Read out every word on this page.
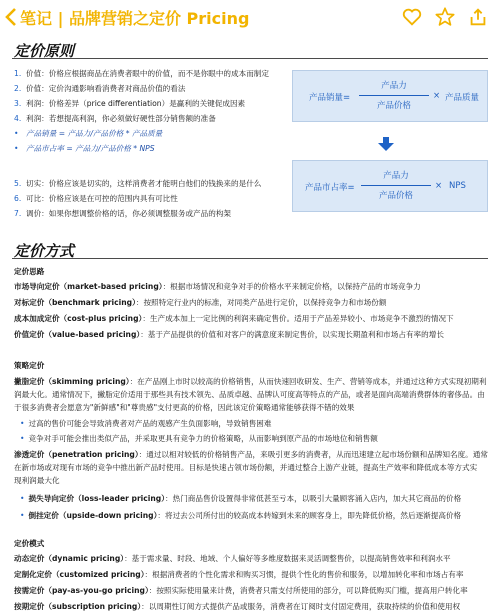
笔记 | 品牌营销之定价 Pricing
定价原则
1. 价值：价格应根据商品在消费者眼中的价值，而不是你眼中的成本而制定
2. 价值：定价沟通影响看消费者对商品价值的看法
3. 利润：价格差异（price differentiation）是赢利的关键促成因素
4. 利润：若想提高利润，你必须做好硬性部分销售额的准备
• 产品销量 = 产品力/产品价格 * 产品质量
• 产品市占率 = 产品力/产品价格 * NPS
5. 切实：价格应该是切实的，这样消费者才能明白他们的钱换来的是什么
6. 可比：价格应该是在可控的范围内具有可比性
7. 调价：如果你想调整价格的话，你必须调整服务或产品的构架
产品销量=
产品力
产品价格
× 产品质量
产品市占率=
产品力
产品价格
× NPS
定价方式
定价思路
市场导向定价（market-based pricing）：根据市场情况和竞争对手的价格水平来制定价格，以保持产品的市场竞争力
对标定价（benchmark pricing）：按照特定行业内的标准，对同类产品进行定价，以保持竞争力和市场份额
成本加成定价（cost-plus pricing）：生产成本加上一定比例的利润来确定售价。适用于产品差异较小、市场竞争不激烈的情况下
价值定价（value-based pricing）：基于产品提供的价值和对客户的满意度来制定售价，以实现长期盈利和市场占有率的增长
策略定价
撇脂定价（skimming pricing）：在产品刚上市时以较高的价格销售，从而快速回收研发、生产、营销等成本，并通过这种方式实现初期利
润最大化。通常情况下，撇脂定价适用于那些具有技术领先、品质卓越、品牌认可度高等特点的产品，或者是面向高端消费群体的奢侈品。由
于很多消费者会愿意为"新鲜感"和"尊贵感"支付更高的价格，因此该定价策略通常能够获得不错的效果
• 过高的售价可能会导致消费者对产品的观感产生负面影响，导致销售困难
• 竞争对手可能会推出类似产品，并采取更具有竞争力的价格策略，从而影响到原产品的市场地位和销售额
渗透定价（penetration pricing）：通过以相对较低的价格销售产品，来吸引更多的消费者，从而迅速建立起市场份额和品牌知名度。通常
在新市场或对现有市场的竞争中推出新产品时使用。目标是快速占领市场份额，并通过整合上游产业链，提高生产效率和降低成本等方式实
现利润最大化
• 损失导向定价（loss-leader pricing）：热门商品售价设置得非常低甚至亏本，以吸引大量顾客涌入店内，加大其它商品的价格
• 倒挂定价（upside-down pricing）：将过去公司所付出的较高成本转嫁到未来的顾客身上，即先降低价格，然后逐渐提高价格
定价模式
动态定价（dynamic pricing）：基于需求量、时段、地域、个人偏好等多维度数据来灵活调整售价，以提高销售效率和利润水平
定制化定价（customized pricing）：根据消费者的个性化需求和购买习惯，提供个性化的售价和服务，以增加转化率和市场占有率
按需定价（pay-as-you-go pricing）：按照实际使用量来计费，消费者只需支付所使用的部分，可以降低购买门槛，提高用户转化率
按期定价（subscription pricing）：以周期性订阅方式提供产品或服务，消费者在订阅时支付固定费用，获取持续的价值和使用权
